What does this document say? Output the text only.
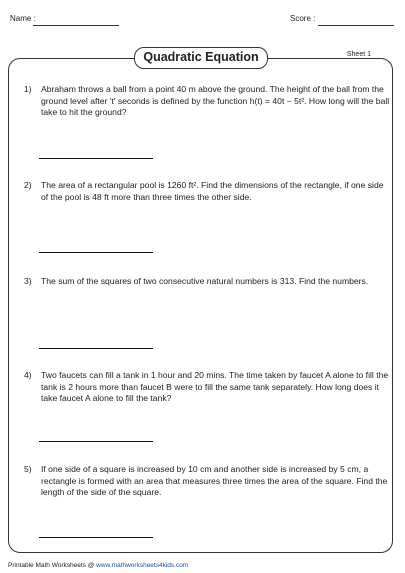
Name :	Score :
Quadratic Equation	Sheet 1
1)	Abraham throws a ball from a point 40 m above the ground. The height of the ball from the ground level after 't' seconds is defined by the function h(t) = 40t − 5t². How long will the ball take to hit the ground?
2)	The area of a rectangular pool is 1260 ft². Find the dimensions of the rectangle, if one side of the pool is 48 ft more than three times the other side.
3)	The sum of the squares of two consecutive natural numbers is 313. Find the numbers.
4)	Two faucets can fill a tank in 1 hour and 20 mins. The time taken by faucet A alone to fill the tank is 2 hours more than faucet B were to fill the same tank separately. How long does it take faucet A alone to fill the tank?
5)	If one side of a square is increased by 10 cm and another side is increased by 5 cm, a rectangle is formed with an area that measures three times the area of the square. Find the length of the side of the square.
Printable Math Worksheets @ www.mathworksheets4kids.com
